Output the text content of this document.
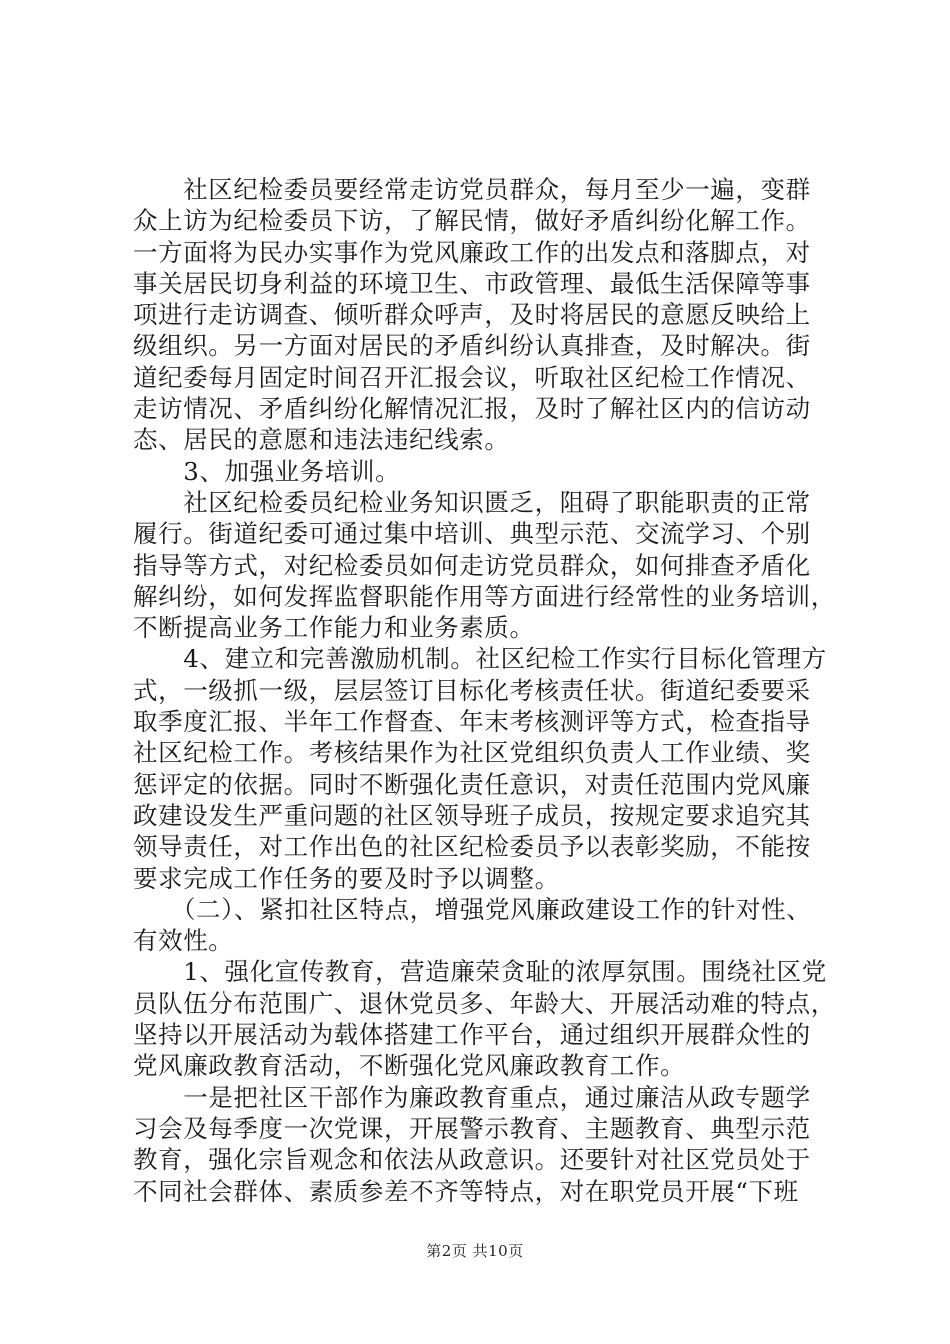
　　社区纪检委员要经常走访党员群众，每月至少一遍，变群
众上访为纪检委员下访，了解民情，做好矛盾纠纷化解工作。
一方面将为民办实事作为党风廉政工作的出发点和落脚点，对
事关居民切身利益的环境卫生、市政管理、最低生活保障等事
项进行走访调查、倾听群众呼声，及时将居民的意愿反映给上
级组织。另一方面对居民的矛盾纠纷认真排查，及时解决。街
道纪委每月固定时间召开汇报会议，听取社区纪检工作情况、
走访情况、矛盾纠纷化解情况汇报，及时了解社区内的信访动
态、居民的意愿和违法违纪线索。
　　3、加强业务培训。
　　社区纪检委员纪检业务知识匮乏，阻碍了职能职责的正常
履行。街道纪委可通过集中培训、典型示范、交流学习、个别
指导等方式，对纪检委员如何走访党员群众，如何排查矛盾化
解纠纷，如何发挥监督职能作用等方面进行经常性的业务培训，
不断提高业务工作能力和业务素质。
　　4、建立和完善激励机制。社区纪检工作实行目标化管理方
式，一级抓一级，层层签订目标化考核责任状。街道纪委要采
取季度汇报、半年工作督查、年末考核测评等方式，检查指导
社区纪检工作。考核结果作为社区党组织负责人工作业绩、奖
惩评定的依据。同时不断强化责任意识，对责任范围内党风廉
政建设发生严重问题的社区领导班子成员，按规定要求追究其
领导责任，对工作出色的社区纪检委员予以表彰奖励，不能按
要求完成工作任务的要及时予以调整。
　　（二）、紧扣社区特点，增强党风廉政建设工作的针对性、
有效性。
　　1、强化宣传教育，营造廉荣贪耻的浓厚氛围。围绕社区党
员队伍分布范围广、退休党员多、年龄大、开展活动难的特点，
坚持以开展活动为载体搭建工作平台，通过组织开展群众性的
党风廉政教育活动，不断强化党风廉政教育工作。
　　一是把社区干部作为廉政教育重点，通过廉洁从政专题学
习会及每季度一次党课，开展警示教育、主题教育、典型示范
教育，强化宗旨观念和依法从政意识。还要针对社区党员处于
不同社会群体、素质参差不齐等特点，对在职党员开展“下班
第2页 共10页
